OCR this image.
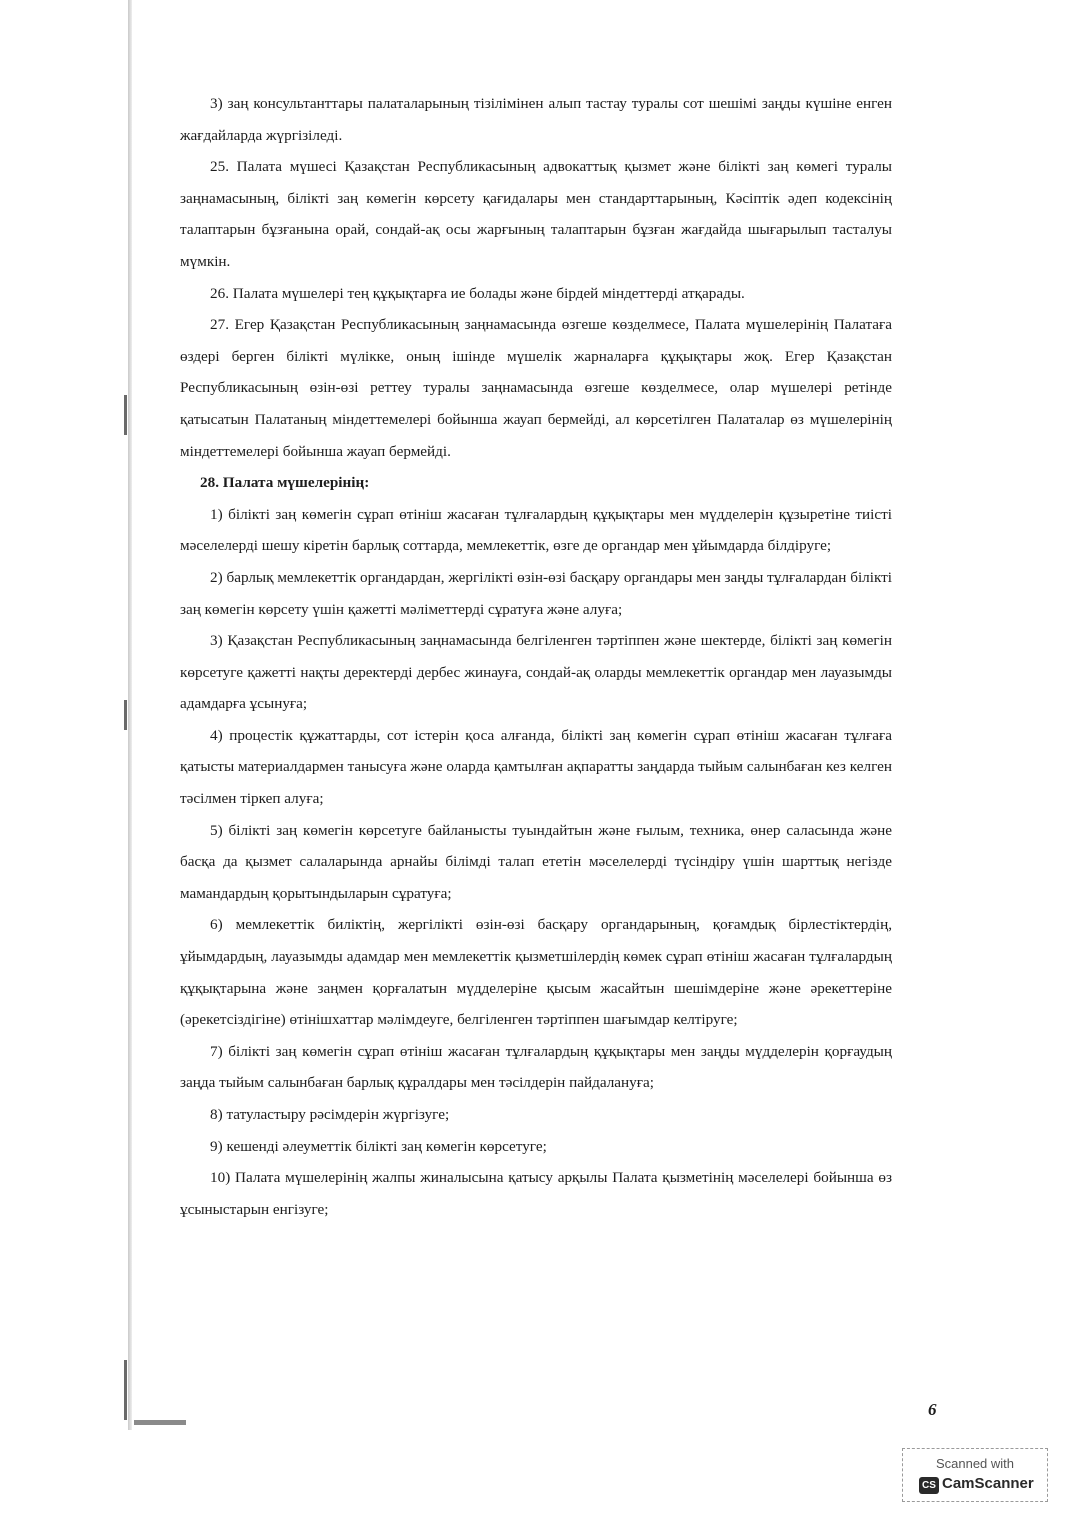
3) заң консультанттары палаталарының тізілімінен алып тастау туралы сот шешімі заңды күшіне енген жағдайларда жүргізіледі.

25. Палата мүшесі Қазақстан Республикасының адвокаттық қызмет және білікті заң көмегі туралы заңнамасының, білікті заң көмегін көрсету қағидалары мен стандарттарының, Кәсіптік әдеп кодексінің талаптарын бұзғанына орай, сондай-ақ осы жарғының талаптарын бұзған жағдайда шығарылып тасталуы мүмкін.

26. Палата мүшелері тең құқықтарға ие болады және бірдей міндеттерді атқарады.

27. Егер Қазақстан Республикасының заңнамасында өзгеше көзделмесе, Палата мүшелерінің Палатаға өздері берген білікті мүлікке, оның ішінде мүшелік жарналарға құқықтары жоқ. Егер Қазақстан Республикасының өзін-өзі реттеу туралы заңнамасында өзгеше көзделмесе, олар мүшелері ретінде қатысатын Палатаның міндеттемелері бойынша жауап бермейді, ал көрсетілген Палаталар өз мүшелерінің міндеттемелері бойынша жауап бермейді.

28. Палата мүшелерінің:

1) білікті заң көмегін сұрап өтініш жасаған тұлғалардың құқықтары мен мүдделерін құзыретіне тиісті мәселелерді шешу кіретін барлық соттарда, мемлекеттік, өзге де органдар мен ұйымдарда білдіруге;

2) барлық мемлекеттік органдардан, жергілікті өзін-өзі басқару органдары мен заңды тұлғалардан білікті заң көмегін көрсету үшін қажетті мәліметтерді сұратуға және алуға;

3) Қазақстан Республикасының заңнамасында белгіленген тәртіппен және шектерде, білікті заң көмегін көрсетуге қажетті нақты деректерді дербес жинауға, сондай-ақ оларды мемлекеттік органдар мен лауазымды адамдарға ұсынуға;

4) процестік құжаттарды, сот істерін қоса алғанда, білікті заң көмегін сұрап өтініш жасаған тұлғаға қатысты материалдармен танысуға және оларда қамтылған ақпаратты заңдарда тыйым салынбаған кез келген тәсілмен тіркеп алуға;

5) білікті заң көмегін көрсетуге байланысты туындайтын және ғылым, техника, өнер саласында және басқа да қызмет салаларында арнайы білімді талап ететін мәселелерді түсіндіру үшін шарттық негізде мамандардың қорытындыларын сұратуға;

6) мемлекеттік биліктің, жергілікті өзін-өзі басқару органдарының, қоғамдық бірлестіктердің, ұйымдардың, лауазымды адамдар мен мемлекеттік қызметшілердің көмек сұрап өтініш жасаған тұлғалардың құқықтарына және заңмен қорғалатын мүдделеріне қысым жасайтын шешімдеріне және әрекеттеріне (әрекетсіздігіне) өтінішхаттар мәлімдеуге, белгіленген тәртіппен шағымдар келтіруге;

7) білікті заң көмегін сұрап өтініш жасаған тұлғалардың құқықтары мен заңды мүдделерін қорғаудың заңда тыйым салынбаған барлық құралдары мен тәсілдерін пайдалануға;

8) татуластыру рәсімдерін жүргізуге;

9) кешенді әлеуметтік білікті заң көмегін көрсетуге;

10) Палата мүшелерінің жалпы жиналысына қатысу арқылы Палата қызметінің мәселелері бойынша өз ұсыныстарын енгізуге;

6
Scanned with
CS CamScanner
